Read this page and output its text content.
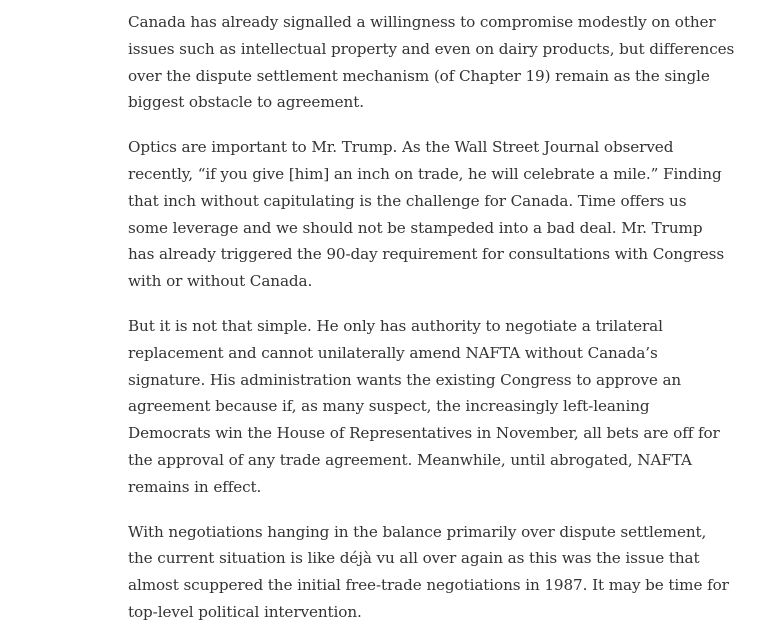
Canada has already signalled a willingness to compromise modestly on other
issues such as intellectual property and even on dairy products, but differences
over the dispute settlement mechanism (of Chapter 19) remain as the single
biggest obstacle to agreement.

Optics are important to Mr. Trump. As the Wall Street Journal observed
recently, “if you give [him] an inch on trade, he will celebrate a mile.” Finding
that inch without capitulating is the challenge for Canada. Time offers us
some leverage and we should not be stampeded into a bad deal. Mr. Trump
has already triggered the 90-day requirement for consultations with Congress
with or without Canada.

But it is not that simple. He only has authority to negotiate a trilateral
replacement and cannot unilaterally amend NAFTA without Canada’s
signature. His administration wants the existing Congress to approve an
agreement because if, as many suspect, the increasingly left-leaning
Democrats win the House of Representatives in November, all bets are off for
the approval of any trade agreement. Meanwhile, until abrogated, NAFTA
remains in effect.

With negotiations hanging in the balance primarily over dispute settlement,
the current situation is like déjà vu all over again as this was the issue that
almost scuppered the initial free-trade negotiations in 1987. It may be time for
top-level political intervention.
